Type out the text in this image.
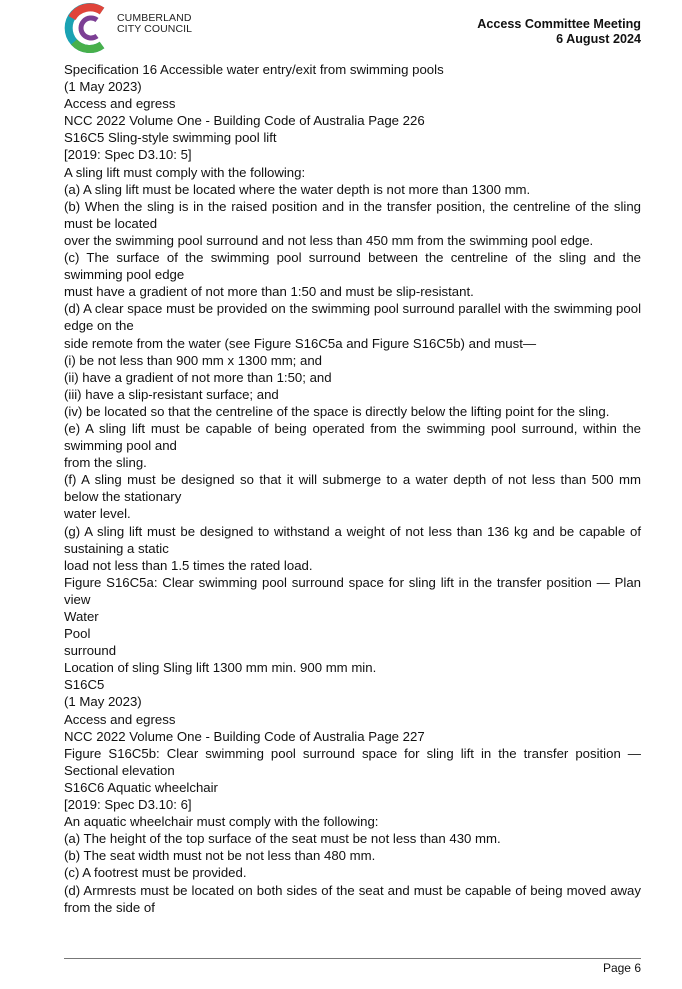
CUMBERLAND
CITY COUNCIL	Access Committee Meeting
6 August 2024

Specification 16 Accessible water entry/exit from swimming pools

(1 May 2023)

Access and egress

NCC 2022 Volume One - Building Code of Australia Page 226

S16C5 Sling-style swimming pool lift

[2019: Spec D3.10: 5]

A sling lift must comply with the following:

(a) A sling lift must be located where the water depth is not more than 1300 mm.

(b) When the sling is in the raised position and in the transfer position, the centreline of the sling must be located

over the swimming pool surround and not less than 450 mm from the swimming pool edge.

(c) The surface of the swimming pool surround between the centreline of the sling and the swimming pool edge

must have a gradient of not more than 1:50 and must be slip-resistant.

(d) A clear space must be provided on the swimming pool surround parallel with the swimming pool edge on the

side remote from the water (see Figure S16C5a and Figure S16C5b) and must—

(i) be not less than 900 mm x 1300 mm; and

(ii) have a gradient of not more than 1:50; and

(iii) have a slip-resistant surface; and

(iv) be located so that the centreline of the space is directly below the lifting point for the sling.

(e) A sling lift must be capable of being operated from the swimming pool surround, within the swimming pool and

from the sling.

(f) A sling must be designed so that it will submerge to a water depth of not less than 500 mm below the stationary

water level.

(g) A sling lift must be designed to withstand a weight of not less than 136 kg and be capable of sustaining a static

load not less than 1.5 times the rated load.

Figure S16C5a: Clear swimming pool surround space for sling lift in the transfer position — Plan view

Water

Pool

surround

Location of sling Sling lift 1300 mm min. 900 mm min.

S16C5

(1 May 2023)

Access and egress

NCC 2022 Volume One - Building Code of Australia Page 227

Figure S16C5b: Clear swimming pool surround space for sling lift in the transfer position — Sectional elevation

S16C6 Aquatic wheelchair

[2019: Spec D3.10: 6]

An aquatic wheelchair must comply with the following:

(a) The height of the top surface of the seat must be not less than 430 mm.

(b) The seat width must not be not less than 480 mm.

(c) A footrest must be provided.

(d) Armrests must be located on both sides of the seat and must be capable of being moved away from the side of

Page 6
